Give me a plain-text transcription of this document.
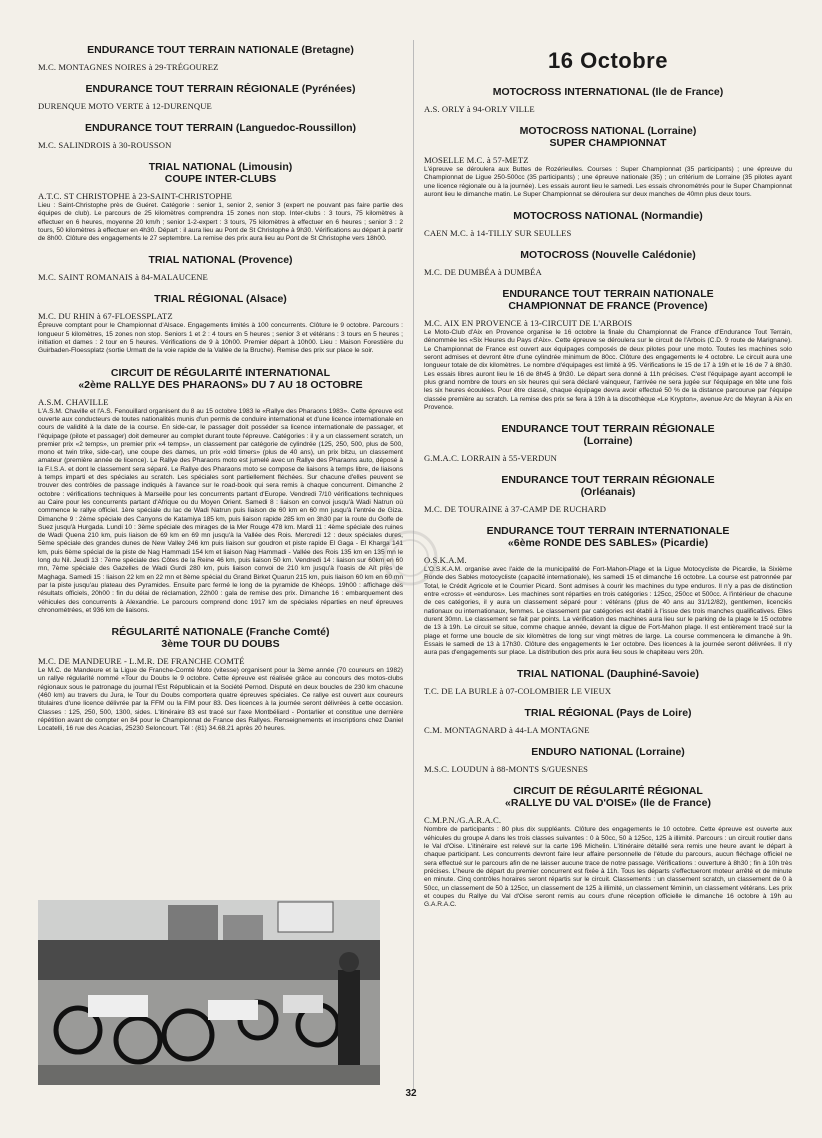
ENDURANCE TOUT TERRAIN NATIONALE (Bretagne)

M.C. MONTAGNES NOIRES à 29-TRÉGOUREZ

ENDURANCE TOUT TERRAIN RÉGIONALE (Pyrénées)

DURENQUE MOTO VERTE à 12-DURENQUE

ENDURANCE TOUT TERRAIN (Languedoc-Roussillon)

M.C. SALINDROIS à 30-ROUSSON

TRIAL NATIONAL (Limousin)
COUPE INTER-CLUBS

A.T.C. ST CHRISTOPHE à 23-SAINT-CHRISTOPHE

Lieu : Saint-Christophe près de Guéret. Catégorie : senior 1, senior 2, senior 3 (expert ne pouvant pas faire partie des équipes de club). Le parcours de 25 kilomètres comprendra 15 zones non stop. Inter-clubs : 3 tours, 75 kilomètres à effectuer en 6 heures, moyenne 20 km/h ; senior 1-2-expert : 3 tours, 75 kilomètres à effectuer en 6 heures ; senior 3 : 2 tours, 50 kilomètres à effectuer en 4h30. Départ : il aura lieu au Pont de St Christophe à 9h30. Vérifications au départ à partir de 8h00. Clôture des engagements le 27 septembre. La remise des prix aura lieu au Pont de St Christophe vers 18h00.

TRIAL NATIONAL (Provence)

M.C. SAINT ROMANAIS à 84-MALAUCENE

TRIAL RÉGIONAL (Alsace)

M.C. DU RHIN à 67-FLOESSPLATZ

Épreuve comptant pour le Championnat d'Alsace. Engagements limités à 100 concurrents. Clôture le 9 octobre. Parcours : longueur 5 kilomètres, 15 zones non stop. Seniors 1 et 2 : 4 tours en 5 heures ; senior 3 et vétérans : 3 tours en 5 heures ; initiation et dames : 2 tour en 5 heures. Vérifications de 9 à 10h00. Premier départ à 10h00. Lieu : Maison Forestière du Guirbaden-Floessplatz (sortie Urmatt de la voie rapide de la Vallée de la Bruche). Remise des prix sur place le soir.

CIRCUIT DE RÉGULARITÉ INTERNATIONAL
«2ème RALLYE DES PHARAONS» DU 7 AU 18 OCTOBRE

A.S.M. CHAVILLE

L'A.S.M. Chaville et l'A.S. Fenouillard organisent du 8 au 15 octobre 1983 le «Rallye des Pharaons 1983». Cette épreuve est ouverte aux conducteurs de toutes nationalités munis d'un permis de conduire international et d'une licence internationale en cours de validité à la date de la course. En side-car, le passager doit posséder sa licence internationale de passager, et l'équipage (pilote et passager) doit demeurer au complet durant toute l'épreuve. Catégories : il y a un classement scratch, un premier prix «2 temps», un premier prix «4 temps», un classement par catégorie de cylindrée (125, 250, 500, plus de 500, mono et twin trike, side-car), une coupe des dames, un prix «old timers» (plus de 40 ans), un prix bitzu, un classement amateur (première année de licence). Le Rallye des Pharaons moto est jumelé avec un Rallye des Pharaons auto, déposé à la F.I.S.A. et dont le classement sera séparé. Le Rallye des Pharaons moto se compose de liaisons à temps libre, de liaisons à temps imparti et des spéciales au scratch. Les spéciales sont partiellement fléchées. Sur chacune d'elles peuvent se trouver des contrôles de passage indiqués à l'avance sur le road-book qui sera remis à chaque concurrent. Dimanche 2 octobre : vérifications techniques à Marseille pour les concurrents partant d'Europe. Vendredi 7/10 vérifications techniques au Caire pour les concurrents partant d'Afrique ou du Moyen Orient. Samedi 8 : liaison en convoi jusqu'à Wadi Natrun où commence le rallye officiel. 1ère spéciale du lac de Wadi Natrun puis liaison de 60 km en 60 mn jusqu'à l'entrée de Giza. Dimanche 9 : 2ème spéciale des Canyons de Katamiya 185 km, puis liaison rapide 285 km en 3h30 par la route du Golfe de Suez jusqu'à Hurgada. Lundi 10 : 3ème spéciale des mirages de la Mer Rouge 478 km. Mardi 11 : 4ème spéciale des ruines de Wadi Quena 210 km, puis liaison de 69 km en 69 mn jusqu'à la Vallée des Rois. Mercredi 12 : deux spéciales dures, 5ème spéciale des grandes dunes de New Valley 246 km puis liaison sur goudron et piste rapide El Gaga - El Kharga 141 km, puis 6ème spécial de la piste de Nag Hammadi 154 km et liaison Nag Hammadi - Vallée des Rois 135 km en 135 mn le long du Nil. Jeudi 13 : 7ème spéciale des Côtes de la Reine 46 km, puis liaison 50 km. Vendredi 14 : liaison sur 60km en 60 mn, 7ème spéciale des Gazelles de Wadi Gurdi 280 km, puis liaison convoi de 210 km jusqu'à l'oasis de Aït près de Maghaga. Samedi 15 : liaison 22 km en 22 mn et 8ème spécial du Grand Birket Quarun 215 km, puis liaison 60 km en 60 mn par la piste jusqu'au plateau des Pyramides. Ensuite parc fermé le long de la pyramide de Khéops. 19h00 : affichage des résultats officiels, 20h00 : fin du délai de réclamation, 22h00 : gala de remise des prix. Dimanche 16 : embarquement des véhicules des concurrents à Alexandrie. Le parcours comprend donc 1917 km de spéciales réparties en neuf épreuves chronométrées, et 936 km de liaisons.

RÉGULARITÉ NATIONALE (Franche Comté)
3ème TOUR DU DOUBS

M.C. DE MANDEURE - L.M.R. DE FRANCHE COMTÉ

Le M.C. de Mandeure et la Ligue de Franche-Comté Moto (vitesse) organisent pour la 3ème année (70 coureurs en 1982) un rallye régularité nommé «Tour du Doubs le 9 octobre. Cette épreuve est réalisée grâce au concours des motos-clubs régionaux sous le patronage du journal l'Est Républicain et la Société Pernod. Disputé en deux boucles de 230 km chacune (460 km) au travers du Jura, le Tour du Doubs comportera quatre épreuves spéciales. Ce rallye est ouvert aux coureurs titulaires d'une licence délivrée par la FFM ou la FIM pour 83. Des licences à la journée seront délivrées à cette occasion. Classes : 125, 250, 500, 1300, sides. L'itinéraire 83 est tracé sur l'axe Montbéliard - Pontarlier et constitue une dernière répétition avant de compter en 84 pour le Championnat de France des Rallyes. Renseignements et inscriptions chez Daniel Locatelli, 16 rue des Acacias, 25230 Seloncourt. Tél : (81) 34.68.21 après 20 heures.

16 Octobre
MOTOCROSS INTERNATIONAL (Ile de France)

A.S. ORLY à 94-ORLY VILLE

MOTOCROSS NATIONAL (Lorraine)
SUPER CHAMPIONNAT

MOSELLE M.C. à 57-METZ

L'épreuve se déroulera aux Buttes de Rozérieulles. Courses : Super Championnat (35 participants) ; une épreuve du Championnat de Ligue 250-500cc (35 participants) ; une épreuve nationale (35) ; un critérium de Lorraine (35 pilotes ayant une licence régionale ou à la journée). Les essais auront lieu le samedi. Les essais chronométrés pour le Super Championnat auront lieu le dimanche matin. Le Super Championnat se déroulera sur deux manches de 40mn plus deux tours.

MOTOCROSS NATIONAL (Normandie)

CAEN M.C. à 14-TILLY SUR SEULLES

MOTOCROSS (Nouvelle Calédonie)

M.C. DE DUMBÉA à DUMBÉA

ENDURANCE TOUT TERRAIN NATIONALE
CHAMPIONNAT DE FRANCE (Provence)

M.C. AIX EN PROVENCE à 13-CIRCUIT DE L'ARBOIS

Le Moto-Club d'Aix en Provence organise le 16 octobre la finale du Championnat de France d'Endurance Tout Terrain, dénommée les «Six Heures du Pays d'Aix». Cette épreuve se déroulera sur le circuit de l'Arbois (C.D. 9 route de Marignane). Le Championnat de France est ouvert aux équipages composés de deux pilotes pour une moto. Toutes les machines solo seront admises et devront être d'une cylindrée minimum de 80cc. Clôture des engagements le 4 octobre. Le circuit aura une longueur totale de dix kilomètres. Le nombre d'équipages est limité à 95. Vérifications le 15 de 17 à 19h et le 16 de 7 à 8h30. Les essais libres auront lieu le 16 de 8h45 à 9h30. Le départ sera donné à 11h précises. C'est l'équipage ayant accompli le plus grand nombre de tours en six heures qui sera déclaré vainqueur, l'arrivée ne sera jugée sur l'équipage en tête une fois les six heures écoulées. Pour être classé, chaque équipage devra avoir effectué 50 % de la distance parcourue par l'équipe classée première au scratch. La remise des prix se fera à 19h à la discothèque «Le Krypton», avenue Arc de Meyran à Aix en Provence.

ENDURANCE TOUT TERRAIN RÉGIONALE
(Lorraine)

G.M.A.C. LORRAIN à 55-VERDUN

ENDURANCE TOUT TERRAIN RÉGIONALE
(Orléanais)

M.C. DE TOURAINE à 37-CAMP DE RUCHARD

ENDURANCE TOUT TERRAIN INTERNATIONALE
«6ème RONDE DES SABLES» (Picardie)

O.S.K.A.M.

L'O.S.K.A.M. organise avec l'aide de la municipalité de Fort-Mahon-Plage et la Ligue Motocycliste de Picardie, la Sixième Ronde des Sables motocycliste (capacité internationale), les samedi 15 et dimanche 16 octobre. La course est patronnée par Total, le Crédit Agricole et le Courrier Picard. Sont admises à courir les machines du type enduros. Il n'y a pas de distinction entre «cross» et «enduros». Les machines sont réparties en trois catégories : 125cc, 250cc et 500cc. A l'intérieur de chacune de ces catégories, il y aura un classement séparé pour : vétérans (plus de 40 ans au 31/12/82), gentlemen, licenciés nationaux ou internationaux, femmes. Le classement par catégories est établi à l'issue des trois manches qualificatives. Elles durent 30mn. Le classement se fait par points. La vérification des machines aura lieu sur le parking de la plage le 15 octobre de 13 à 19h. Le circuit se situe, comme chaque année, devant la digue de Fort-Mahon plage. Il est entièrement tracé sur la plage et forme une boucle de six kilomètres de long sur vingt mètres de large. La course commencera le dimanche à 9h. Essais le samedi de 13 à 17h30. Clôture des engagements le 1er octobre. Des licences à la journée seront délivrées. Il n'y aura pas d'engagements sur place. La distribution des prix aura lieu sous le chapiteau vers 20h.

TRIAL NATIONAL (Dauphiné-Savoie)

T.C. DE LA BURLE à 07-COLOMBIER LE VIEUX

TRIAL RÉGIONAL (Pays de Loire)

C.M. MONTAGNARD à 44-LA MONTAGNE

ENDURO NATIONAL (Lorraine)

M.S.C. LOUDUN à 88-MONTS S/GUESNES

CIRCUIT DE RÉGULARITÉ RÉGIONAL
«RALLYE DU VAL D'OISE» (Ile de France)

C.M.P.N./G.A.R.A.C.

Nombre de participants : 80 plus dix suppléants. Clôture des engagements le 10 octobre. Cette épreuve est ouverte aux véhicules du groupe A dans les trois classes suivantes : 0 à 50cc, 50 à 125cc, 125 à illimité. Parcours : un circuit routier dans le Val d'Oise. L'itinéraire est relevé sur la carte 196 Michelin. L'itinéraire détaillé sera remis une heure avant le départ à chaque participant. Les concurrents devront faire leur affaire personnelle de l'étude du parcours, aucun fléchage officiel ne sera effectué sur le parcours afin de ne laisser aucune trace de notre passage. Vérifications : ouverture à 8h30 ; fin à 10h très précises. L'heure de départ du premier concurrent est fixée à 11h. Tous les départs s'effectueront moteur arrêté et de minute en minute. Cinq contrôles horaires seront répartis sur le circuit. Classements : un classement scratch, un classement de 0 à 50cc, un classement de 50 à 125cc, un classement de 125 à illimité, un classement féminin, un classement vétérans. Les prix et coupes du Rallye du Val d'Oise seront remis au cours d'une réception officielle le dimanche 16 octobre à 19h au G.A.R.A.C.

32
